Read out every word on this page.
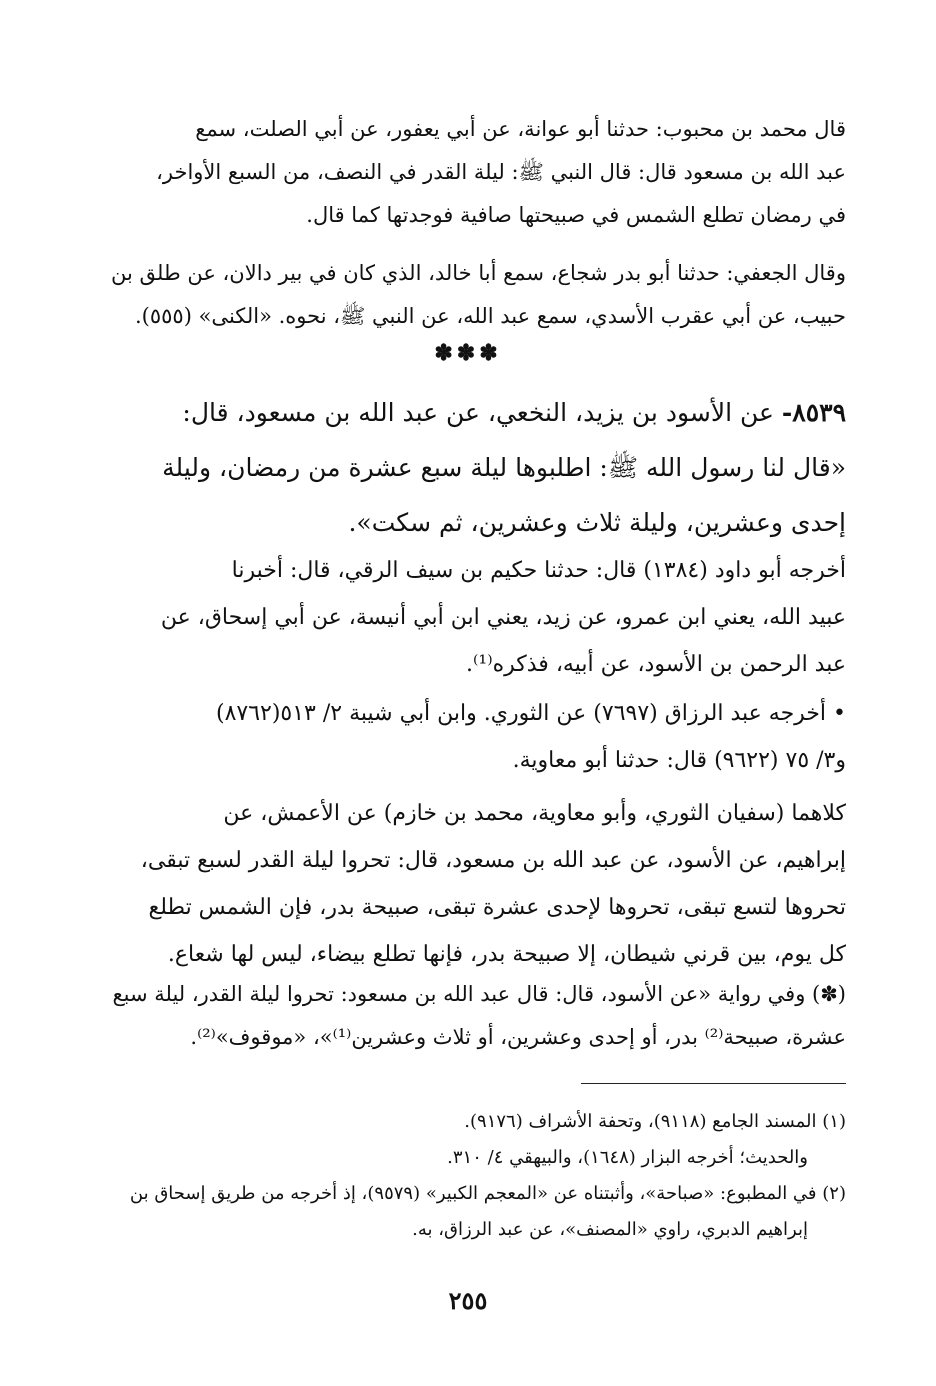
قال محمد بن محبوب: حدثنا أبو عوانة، عن أبي يعفور، عن أبي الصلت، سمع
عبد الله بن مسعود قال: قال النبي ﷺ: ليلة القدر في النصف، من السبع الأواخر،
في رمضان تطلع الشمس في صبيحتها صافية فوجدتها كما قال.
وقال الجعفي: حدثنا أبو بدر شجاع، سمع أبا خالد، الذي كان في بير دالان، عن طلق بن
حبيب، عن أبي عقرب الأسدي، سمع عبد الله، عن النبي ﷺ، نحوه. «الكنى» (٥٥٥).
✽✽✽
٨٥٣٩- عن الأسود بن يزيد، النخعي، عن عبد الله بن مسعود، قال:
«قال لنا رسول الله ﷺ: اطلبوها ليلة سبع عشرة من رمضان، وليلة
إحدى وعشرين، وليلة ثلاث وعشرين، ثم سكت».
أخرجه أبو داود (١٣٨٤) قال: حدثنا حكيم بن سيف الرقي، قال: أخبرنا
عبيد الله، يعني ابن عمرو، عن زيد، يعني ابن أبي أنيسة، عن أبي إسحاق، عن
عبد الرحمن بن الأسود، عن أبيه، فذكره⁽¹⁾.
• أخرجه عبد الرزاق (٧٦٩٧) عن الثوري. وابن أبي شيبة ٢/ ٥١٣(٨٧٦٢)
و٣/ ٧٥ (٩٦٢٢) قال: حدثنا أبو معاوية.
كلاهما (سفيان الثوري، وأبو معاوية، محمد بن خازم) عن الأعمش، عن
إبراهيم، عن الأسود، عن عبد الله بن مسعود، قال: تحروا ليلة القدر لسبع تبقى،
تحروها لتسع تبقى، تحروها لإحدى عشرة تبقى، صبيحة بدر، فإن الشمس تطلع
كل يوم، بين قرني شيطان، إلا صبيحة بدر، فإنها تطلع بيضاء، ليس لها شعاع.
(✽) وفي رواية «عن الأسود، قال: قال عبد الله بن مسعود: تحروا ليلة القدر، ليلة سبع
عشرة، صبيحة⁽²⁾ بدر، أو إحدى وعشرين، أو ثلاث وعشرين⁽¹⁾»، «موقوف»⁽²⁾.
(١) المسند الجامع (٩١١٨)، وتحفة الأشراف (٩١٧٦).
والحديث؛ أخرجه البزار (١٦٤٨)، والبيهقي ٤/ ٣١٠.
(٢) في المطبوع: «صباحة»، وأثبتناه عن «المعجم الكبير» (٩٥٧٩)، إذ أخرجه من طريق إسحاق بن
إبراهيم الدبري، راوي «المصنف»، عن عبد الرزاق، به.
٢٥٥
